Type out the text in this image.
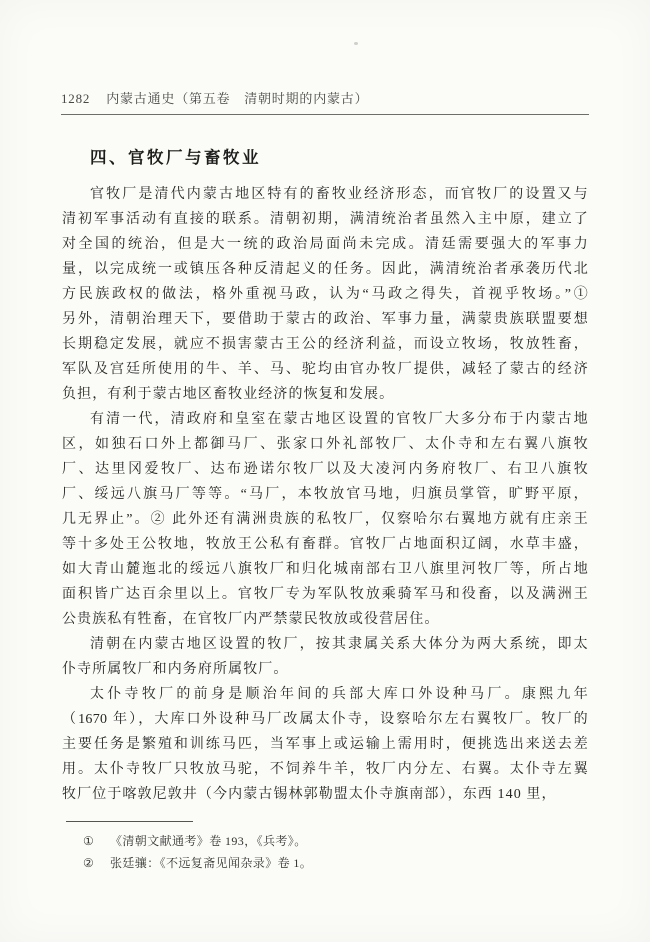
1282 内蒙古通史（第五卷　清朝时期的内蒙古）
四、官牧厂与畜牧业
官牧厂是清代内蒙古地区特有的畜牧业经济形态，而官牧厂的设置又与
清初军事活动有直接的联系。清朝初期，满清统治者虽然入主中原，建立了
对全国的统治，但是大一统的政治局面尚未完成。清廷需要强大的军事力
量，以完成统一或镇压各种反清起义的任务。因此，满清统治者承袭历代北
方民族政权的做法，格外重视马政，认为“马政之得失，首视乎牧场。”①
另外，清朝治理天下，要借助于蒙古的政治、军事力量，满蒙贵族联盟要想
长期稳定发展，就应不损害蒙古王公的经济利益，而设立牧场，牧放牲畜，
军队及宫廷所使用的牛、羊、马、驼均由官办牧厂提供，减轻了蒙古的经济
负担，有利于蒙古地区畜牧业经济的恢复和发展。
有清一代，清政府和皇室在蒙古地区设置的官牧厂大多分布于内蒙古地
区，如独石口外上都御马厂、张家口外礼部牧厂、太仆寺和左右翼八旗牧
厂、达里冈爱牧厂、达布逊诺尔牧厂以及大凌河内务府牧厂、右卫八旗牧
厂、绥远八旗马厂等等。“马厂，本牧放官马地，归旗员掌管，旷野平原，
几无界止”。② 此外还有满洲贵族的私牧厂，仅察哈尔右翼地方就有庄亲王
等十多处王公牧地，牧放王公私有畜群。官牧厂占地面积辽阔，水草丰盛，
如大青山麓迤北的绥远八旗牧厂和归化城南部右卫八旗里河牧厂等，所占地
面积皆广达百余里以上。官牧厂专为军队牧放乘骑军马和役畜，以及满洲王
公贵族私有牲畜，在官牧厂内严禁蒙民牧放或役营居住。
清朝在内蒙古地区设置的牧厂，按其隶属关系大体分为两大系统，即太
仆寺所属牧厂和内务府所属牧厂。
太仆寺牧厂的前身是顺治年间的兵部大库口外设种马厂。康熙九年
（1670 年），大库口外设种马厂改属太仆寺，设察哈尔左右翼牧厂。牧厂的
主要任务是繁殖和训练马匹，当军事上或运输上需用时，便挑选出来送去差
用。太仆寺牧厂只牧放马驼，不饲养牛羊，牧厂内分左、右翼。太仆寺左翼
牧厂位于喀敦尼敦井（今内蒙古锡林郭勒盟太仆寺旗南部），东西 140 里，
①	《清朝文献通考》卷 193，《兵考》。
②	张廷骧：《不远复斋见闻杂录》卷 1。
